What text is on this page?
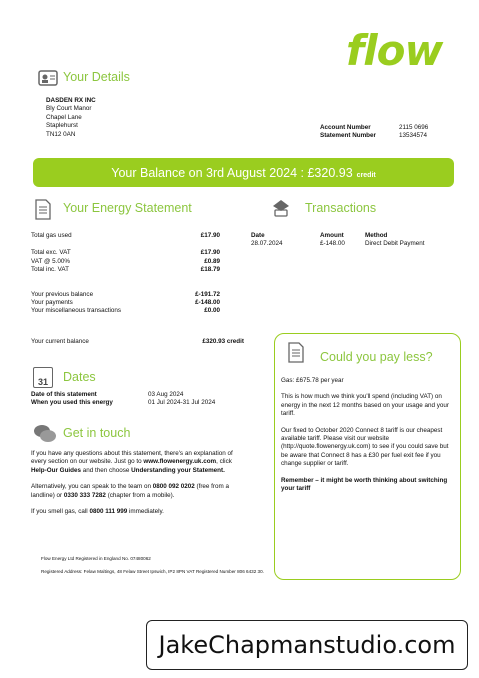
flow
Your Details
DASDEN RX INC
Bly Court Manor
Chapel Lane
Staplehurst
TN12 0AN
Account Number	2115 0696
Statement Number	13534574
Your Balance on 3rd August 2024 : £320.93 credit
Your Energy Statement
Total gas used	£17.90
Total exc. VAT	£17.90
VAT @ 5.00%	£0.89
Total inc. VAT	£18.79
Your previous balance	£-191.72
Your payments	£-148.00
Your miscellaneous transactions	£0.00
Your current balance	£320.93 credit
Transactions
Date	Amount	Method
28.07.2024	£-148.00	Direct Debit Payment
31 Dates
Date of this statement	03 Aug 2024
When you used this energy	01 Jul 2024-31 Jul 2024
Get in touch
If you have any questions about this statement, there's an explanation of every section on our website. Just go to www.flowenergy.uk.com, click Help-Our Guides and then choose Understanding your Statement.
Alternatively, you can speak to the team on 0800 092 0202 (free from a landline) or 0330 333 7282 (chapter from a mobile).
If you smell gas, call 0800 111 999 immediately.
Could you pay less?
Gas: £675.78 per year
This is how much we think you'll spend (including VAT) on energy in the next 12 months based on your usage and your tariff.
Our fixed to October 2020 Connect 8 tariff is our cheapest available tariff. Please visit our website (http://quote.flowenergy.uk.com) to see if you could save but be aware that Connect 8 has a £30 per fuel exit fee if you change supplier or tariff.
Remember – it might be worth thinking about switching your tariff
Flow Energy Ltd Registered in England No. 07480062
Registered Address: Felaw Maltings, 48 Felaw Street Ipswich, IP2 8PN VAT Registered Number 806 6432 30.
JakeChapmanstudio.com
